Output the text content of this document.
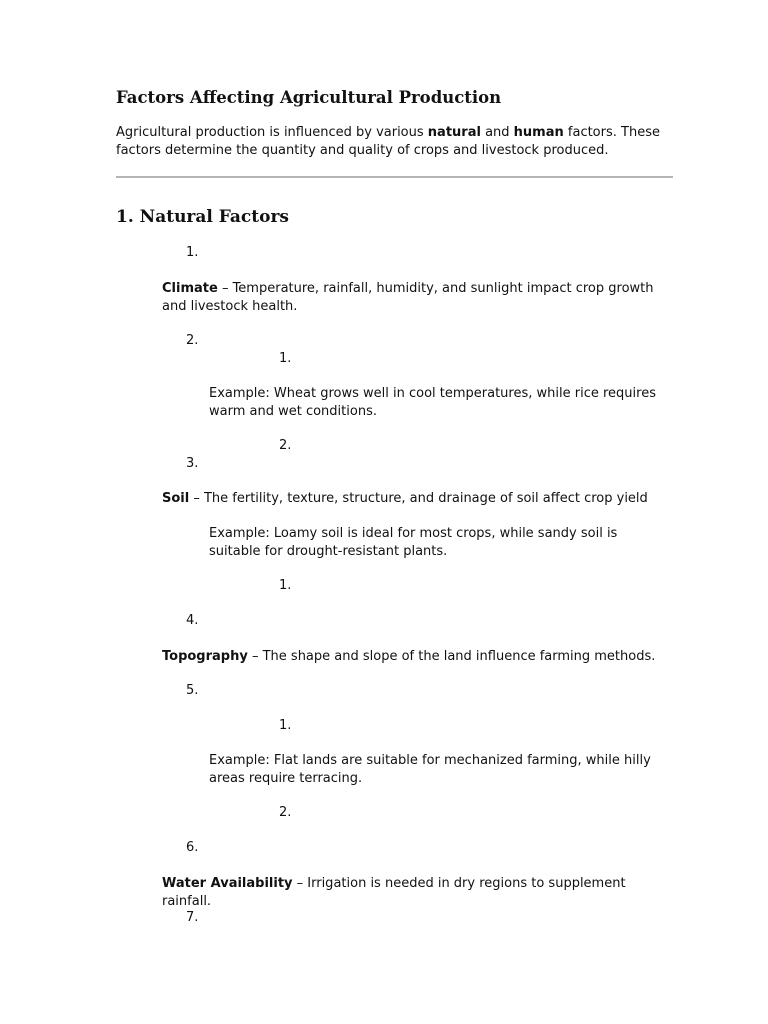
Factors Affecting Agricultural Production

Agricultural production is influenced by various natural and human factors. These factors determine the quantity and quality of crops and livestock produced.

1. Natural Factors
1.

Climate – Temperature, rainfall, humidity, and sunlight impact crop growth and livestock health.

2.
1.

Example: Wheat grows well in cool temperatures, while rice requires warm and wet conditions.

2.
3.

Soil – The fertility, texture, structure, and drainage of soil affect crop yield

Example: Loamy soil is ideal for most crops, while sandy soil is suitable for drought-resistant plants.

1.
4.

Topography – The shape and slope of the land influence farming methods.

5.
1.

Example: Flat lands are suitable for mechanized farming, while hilly areas require terracing.

2.
6.

Water Availability – Irrigation is needed in dry regions to supplement rainfall.

7.
